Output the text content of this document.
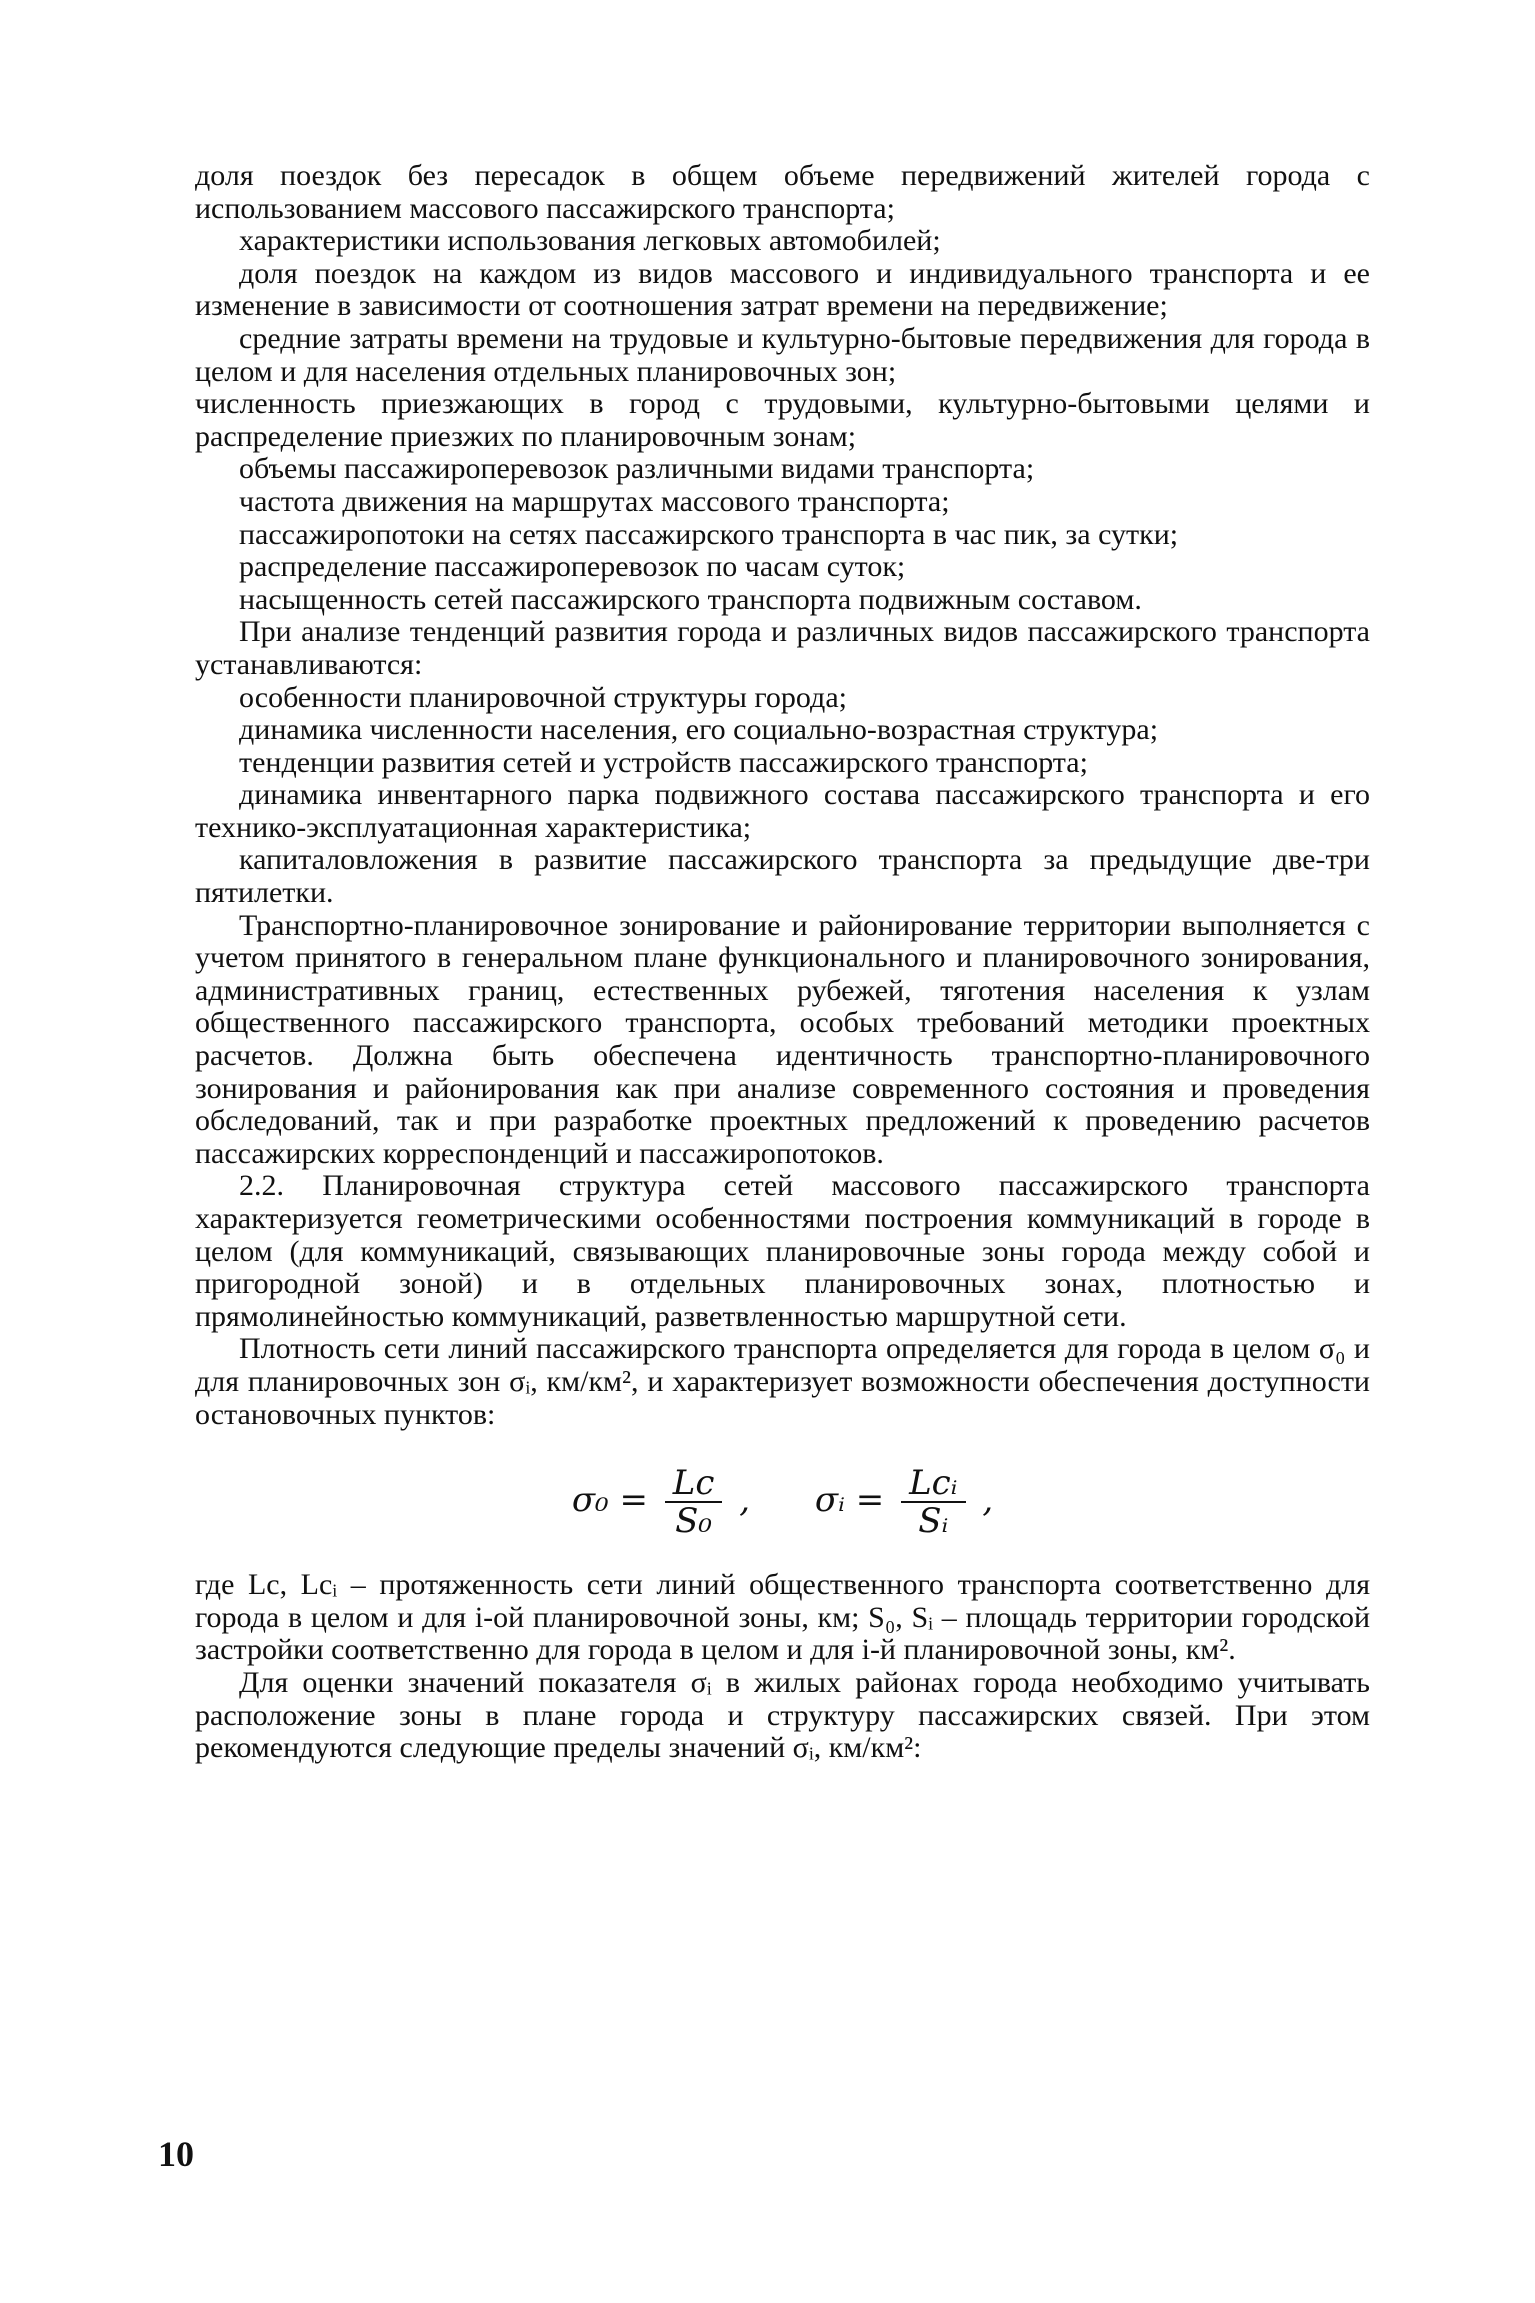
доля поездок без пересадок в общем объеме передвижений жителей города с использованием массового пассажирского транспорта;

характеристики использования легковых автомобилей;

доля поездок на каждом из видов массового и индивидуального транспорта и ее изменение в зависимости от соотношения затрат времени на передвижение;

средние затраты времени на трудовые и культурно-бытовые передвижения для города в целом и для населения отдельных планировочных зон;

численность приезжающих в город с трудовыми, культурно-бытовыми целями и распределение приезжих по планировочным зонам;

объемы пассажироперевозок различными видами транспорта;

частота движения на маршрутах массового транспорта;

пассажиропотоки на сетях пассажирского транспорта в час пик, за сутки;

распределение пассажироперевозок по часам суток;

насыщенность сетей пассажирского транспорта подвижным составом.

При анализе тенденций развития города и различных видов пассажирского транспорта устанавливаются:

особенности планировочной структуры города;

динамика численности населения, его социально-возрастная структура;

тенденции развития сетей и устройств пассажирского транспорта;

динамика инвентарного парка подвижного состава пассажирского транспорта и его технико-эксплуатационная характеристика;

капиталовложения в развитие пассажирского транспорта за предыдущие две-три пятилетки.

Транспортно-планировочное зонирование и районирование территории выполняется с учетом принятого в генеральном плане функционального и планировочного зонирования, административных границ, естественных рубежей, тяготения населения к узлам общественного пассажирского транспорта, особых требований методики проектных расчетов. Должна быть обеспечена идентичность транспортно-планировочного зонирования и районирования как при анализе современного состояния и проведения обследований, так и при разработке проектных предложений к проведению расчетов пассажирских корреспонденций и пассажиропотоков.

2.2. Планировочная структура сетей массового пассажирского транспорта характеризуется геометрическими особенностями построения коммуникаций в городе в целом (для коммуникаций, связывающих планировочные зоны города между собой и пригородной зоной) и в отдельных планировочных зонах, плотностью и прямолинейностью коммуникаций, разветвленностью маршрутной сети.

Плотность сети линий пассажирского транспорта определяется для города в целом σ₀ и для планировочных зон σᵢ, км/км², и характеризует возможности обеспечения доступности остановочных пунктов:

$\sigma_0 = \frac{Lc}{\text{S₀}}$ , σᵢ = $\frac{\text{Lcᵢ}}{\text{Sᵢ}}$ ,

где Lc, Lcᵢ – протяженность сети линий общественного транспорта соответственно для города в целом и для i-ой планировочной зоны, км; S₀, Sᵢ – площадь территории городской застройки соответственно для города в целом и для i-й планировочной зоны, км².

Для оценки значений показателя σᵢ в жилых районах города необходимо учитывать расположение зоны в плане города и структуру пассажирских связей. При этом рекомендуются следующие пределы значений σᵢ, км/км²:

10
